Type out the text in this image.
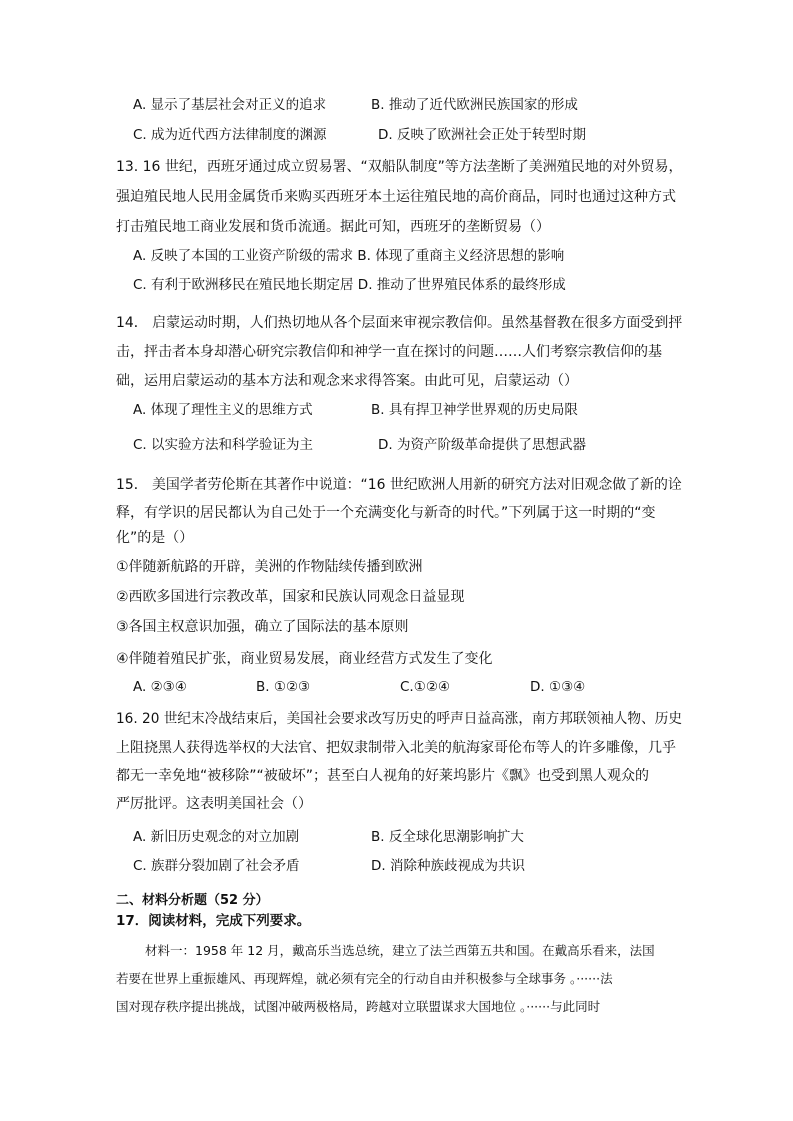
A. 显示了基层社会对正义的追求	B. 推动了近代欧洲民族国家的形成
C. 成为近代西方法律制度的渊源	D. 反映了欧洲社会正处于转型时期
13. 16 世纪，西班牙通过成立贸易署、“双船队制度”等方法垄断了美洲殖民地的对外贸易，
强迫殖民地人民用金属货币来购买西班牙本土运往殖民地的高价商品，同时也通过这种方式
打击殖民地工商业发展和货币流通。据此可知，西班牙的垄断贸易（）
A. 反映了本国的工业资产阶级的需求 B. 体现了重商主义经济思想的影响
C. 有利于欧洲移民在殖民地长期定居 D. 推动了世界殖民体系的最终形成
14． 启蒙运动时期，人们热切地从各个层面来审视宗教信仰。虽然基督教在很多方面受到抨
击，抨击者本身却潜心研究宗教信仰和神学一直在探讨的问题……人们考察宗教信仰的基
础，运用启蒙运动的基本方法和观念来求得答案。由此可见，启蒙运动（）
A. 体现了理性主义的思维方式	B. 具有捍卫神学世界观的历史局限
C. 以实验方法和科学验证为主	D. 为资产阶级革命提供了思想武器
15． 美国学者劳伦斯在其著作中说道：“16 世纪欧洲人用新的研究方法对旧观念做了新的诠
释，有学识的居民都认为自己处于一个充满变化与新奇的时代。”下列属于这一时期的“变
化”的是（）
①伴随新航路的开辟，美洲的作物陆续传播到欧洲
②西欧多国进行宗教改革，国家和民族认同观念日益显现
③各国主权意识加强，确立了国际法的基本原则
④伴随着殖民扩张，商业贸易发展，商业经营方式发生了变化
A. ②③④	B. ①②③	C.①②④	D. ①③④
16. 20 世纪末冷战结束后，美国社会要求改写历史的呼声日益高涨，南方邦联领袖人物、历史
上阻挠黑人获得选举权的大法官、把奴隶制带入北美的航海家哥伦布等人的许多雕像，几乎
都无一幸免地“被移除”“被破坏”；甚至白人视角的好莱坞影片《飘》也受到黑人观众的
严厉批评。这表明美国社会（）
A. 新旧历史观念的对立加剧	B. 反全球化思潮影响扩大
C. 族群分裂加剧了社会矛盾	D. 消除种族歧视成为共识
二、材料分析题（52 分）
17．阅读材料，完成下列要求。
材料一：1958 年 12 月，戴高乐当选总统，建立了法兰西第五共和国。在戴高乐看来，法国
若要在世界上重振雄风、再现辉煌，就必须有完全的行动自由并积极参与全球事务 。······法
国对现存秩序提出挑战，试图冲破两极格局，跨越对立联盟谋求大国地位 。······与此同时
